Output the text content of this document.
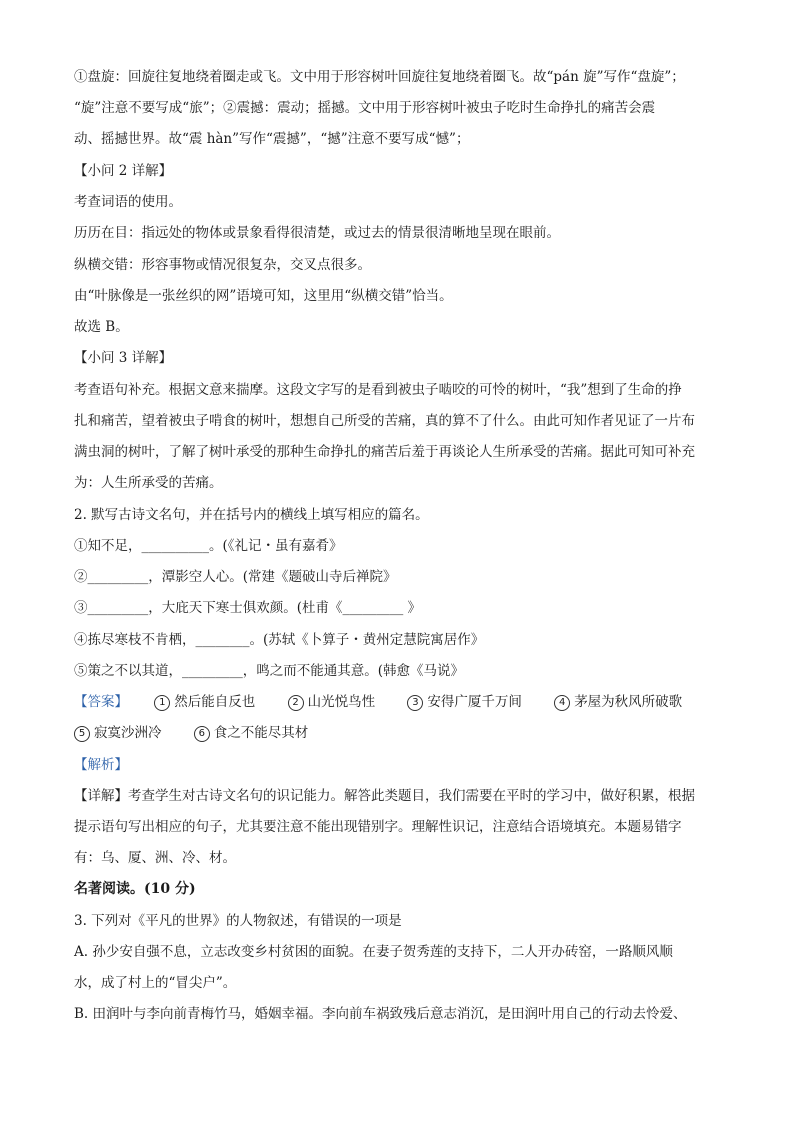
①盘旋：回旋往复地绕着圈走或飞。文中用于形容树叶回旋往复地绕着圈飞。故“pán 旋”写作“盘旋”；
“旋”注意不要写成“旅”；②震撼：震动；摇撼。文中用于形容树叶被虫子吃时生命挣扎的痛苦会震
动、摇撼世界。故“震 hàn”写作“震撼”，“撼”注意不要写成“憾”；
【小问 2 详解】
考查词语的使用。
历历在目：指远处的物体或景象看得很清楚，或过去的情景很清晰地呈现在眼前。
纵横交错：形容事物或情况很复杂，交叉点很多。
由“叶脉像是一张丝织的网”语境可知，这里用“纵横交错”恰当。
故选 B。
【小问 3 详解】
考查语句补充。根据文意来揣摩。这段文字写的是看到被虫子啮咬的可怜的树叶，“我”想到了生命的挣
扎和痛苦，望着被虫子啃食的树叶，想想自己所受的苦痛，真的算不了什么。由此可知作者见证了一片布
满虫洞的树叶，了解了树叶承受的那种生命挣扎的痛苦后羞于再谈论人生所承受的苦痛。据此可知可补充
为：人生所承受的苦痛。
2. 默写古诗文名句，并在括号内的横线上填写相应的篇名。
①知不足，__________。(《礼记・虽有嘉肴》
②_________，潭影空人心。(常建《题破山寺后禅院》
③_________，大庇天下寒士俱欢颜。(杜甫《_________ 》
④拣尽寒枝不肯栖，________。(苏轼《卜算子・黄州定慧院寓居作》
⑤策之不以其道，_________，鸣之而不能通其意。(韩愈《马说》
【答案】	1 然后能自反也	2 山光悦鸟性	3 安得广厦千万间	4 茅屋为秋风所破歌
5 寂寞沙洲冷	6 食之不能尽其材
【解析】
【详解】考查学生对古诗文名句的识记能力。解答此类题目，我们需要在平时的学习中，做好积累，根据
提示语句写出相应的句子，尤其要注意不能出现错别字。理解性识记，注意结合语境填充。本题易错字
有：乌、厦、洲、冷、材。
名著阅读。(10 分)
3. 下列对《平凡的世界》的人物叙述，有错误的一项是
A. 孙少安自强不息，立志改变乡村贫困的面貌。在妻子贺秀莲的支持下，二人开办砖窑，一路顺风顺
水，成了村上的“冒尖户”。
B. 田润叶与李向前青梅竹马，婚姻幸福。李向前车祸致残后意志消沉，是田润叶用自己的行动去怜爱、
